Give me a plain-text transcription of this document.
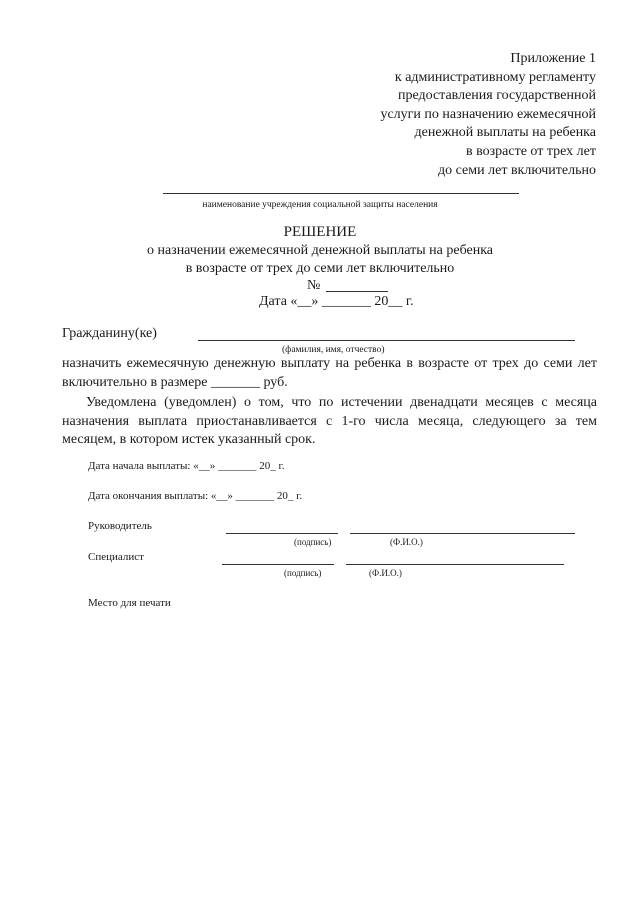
Приложение 1
к административному регламенту
предоставления государственной
услуги по назначению ежемесячной
денежной выплаты на ребенка
в возрасте от трех лет
до семи лет включительно
наименование учреждения социальной защиты населения
РЕШЕНИЕ
о назначении ежемесячной денежной выплаты на ребенка
в возрасте от трех до семи лет включительно
№
Дата «__» _______ 20__ г.
Гражданину(ке)
(фамилия, имя, отчество)
назначить ежемесячную денежную выплату на ребенка в возрасте от трех до семи лет включительно в размере _______ руб.
Уведомлена (уведомлен) о том, что по истечении двенадцати месяцев с месяца назначения выплата приостанавливается с 1-го числа месяца, следующего за тем месяцем, в котором истек указанный срок.
Дата начала выплаты: «__» _______ 20_ г.
Дата окончания выплаты: «__» _______ 20_ г.
Руководитель
(подпись)	(Ф.И.О.)
Специалист
(подпись)	(Ф.И.О.)
Место для печати
